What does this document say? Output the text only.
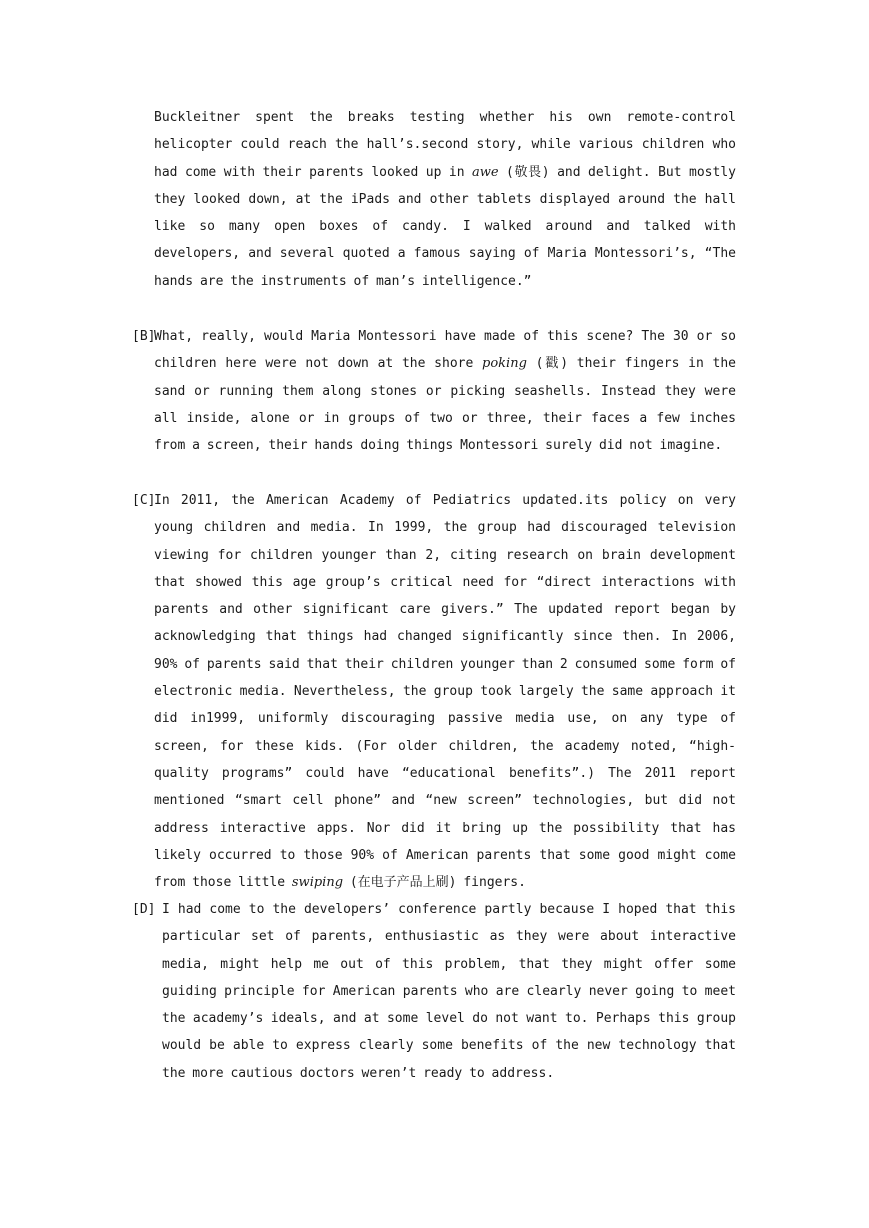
Buckleitner spent the breaks testing whether his own remote-control helicopter could reach the hall’s.second story, while various children who had come with their parents looked up in awe (敬畏) and delight. But mostly they looked down, at the iPads and other tablets displayed around the hall like so many open boxes of candy. I walked around and talked with developers, and several quoted a famous saying of Maria Montessori’s, “The hands are the instruments of man’s intelligence.”

[B]
What, really, would Maria Montessori have made of this scene? The 30 or so children here were not down at the shore poking (戳) their fingers in the sand or running them along stones or picking seashells. Instead they were all inside, alone or in groups of two or three, their faces a few inches from a screen, their hands doing things Montessori surely did not imagine.

[C]
In 2011, the American Academy of Pediatrics updated.its policy on very young children and media. In 1999, the group had discouraged television viewing for children younger than 2, citing research on brain development that showed this age group’s critical need for “direct interactions with parents and other significant care givers.” The updated report began by acknowledging that things had changed significantly since then. In 2006, 90% of parents said that their children younger than 2 consumed some form of electronic media. Nevertheless, the group took largely the same approach it did in1999, uniformly discouraging passive media use, on any type of screen, for these kids. (For older children, the academy noted, “high-quality programs” could have “educational benefits”.) The 2011 report mentioned “smart cell phone” and “new screen” technologies, but did not address interactive apps. Nor did it bring up the possibility that has likely occurred to those 90% of American parents that some good might come from those little swiping (在电子产品上刷) fingers.

[D] I had come to the developers’ conference partly because I hoped that this particular set of parents, enthusiastic as they were about interactive media, might help me out of this problem, that they might offer some guiding principle for American parents who are clearly never going to meet the academy’s ideals, and at some level do not want to. Perhaps this group would be able to express clearly some benefits of the new technology that the more cautious doctors weren’t ready to address.
